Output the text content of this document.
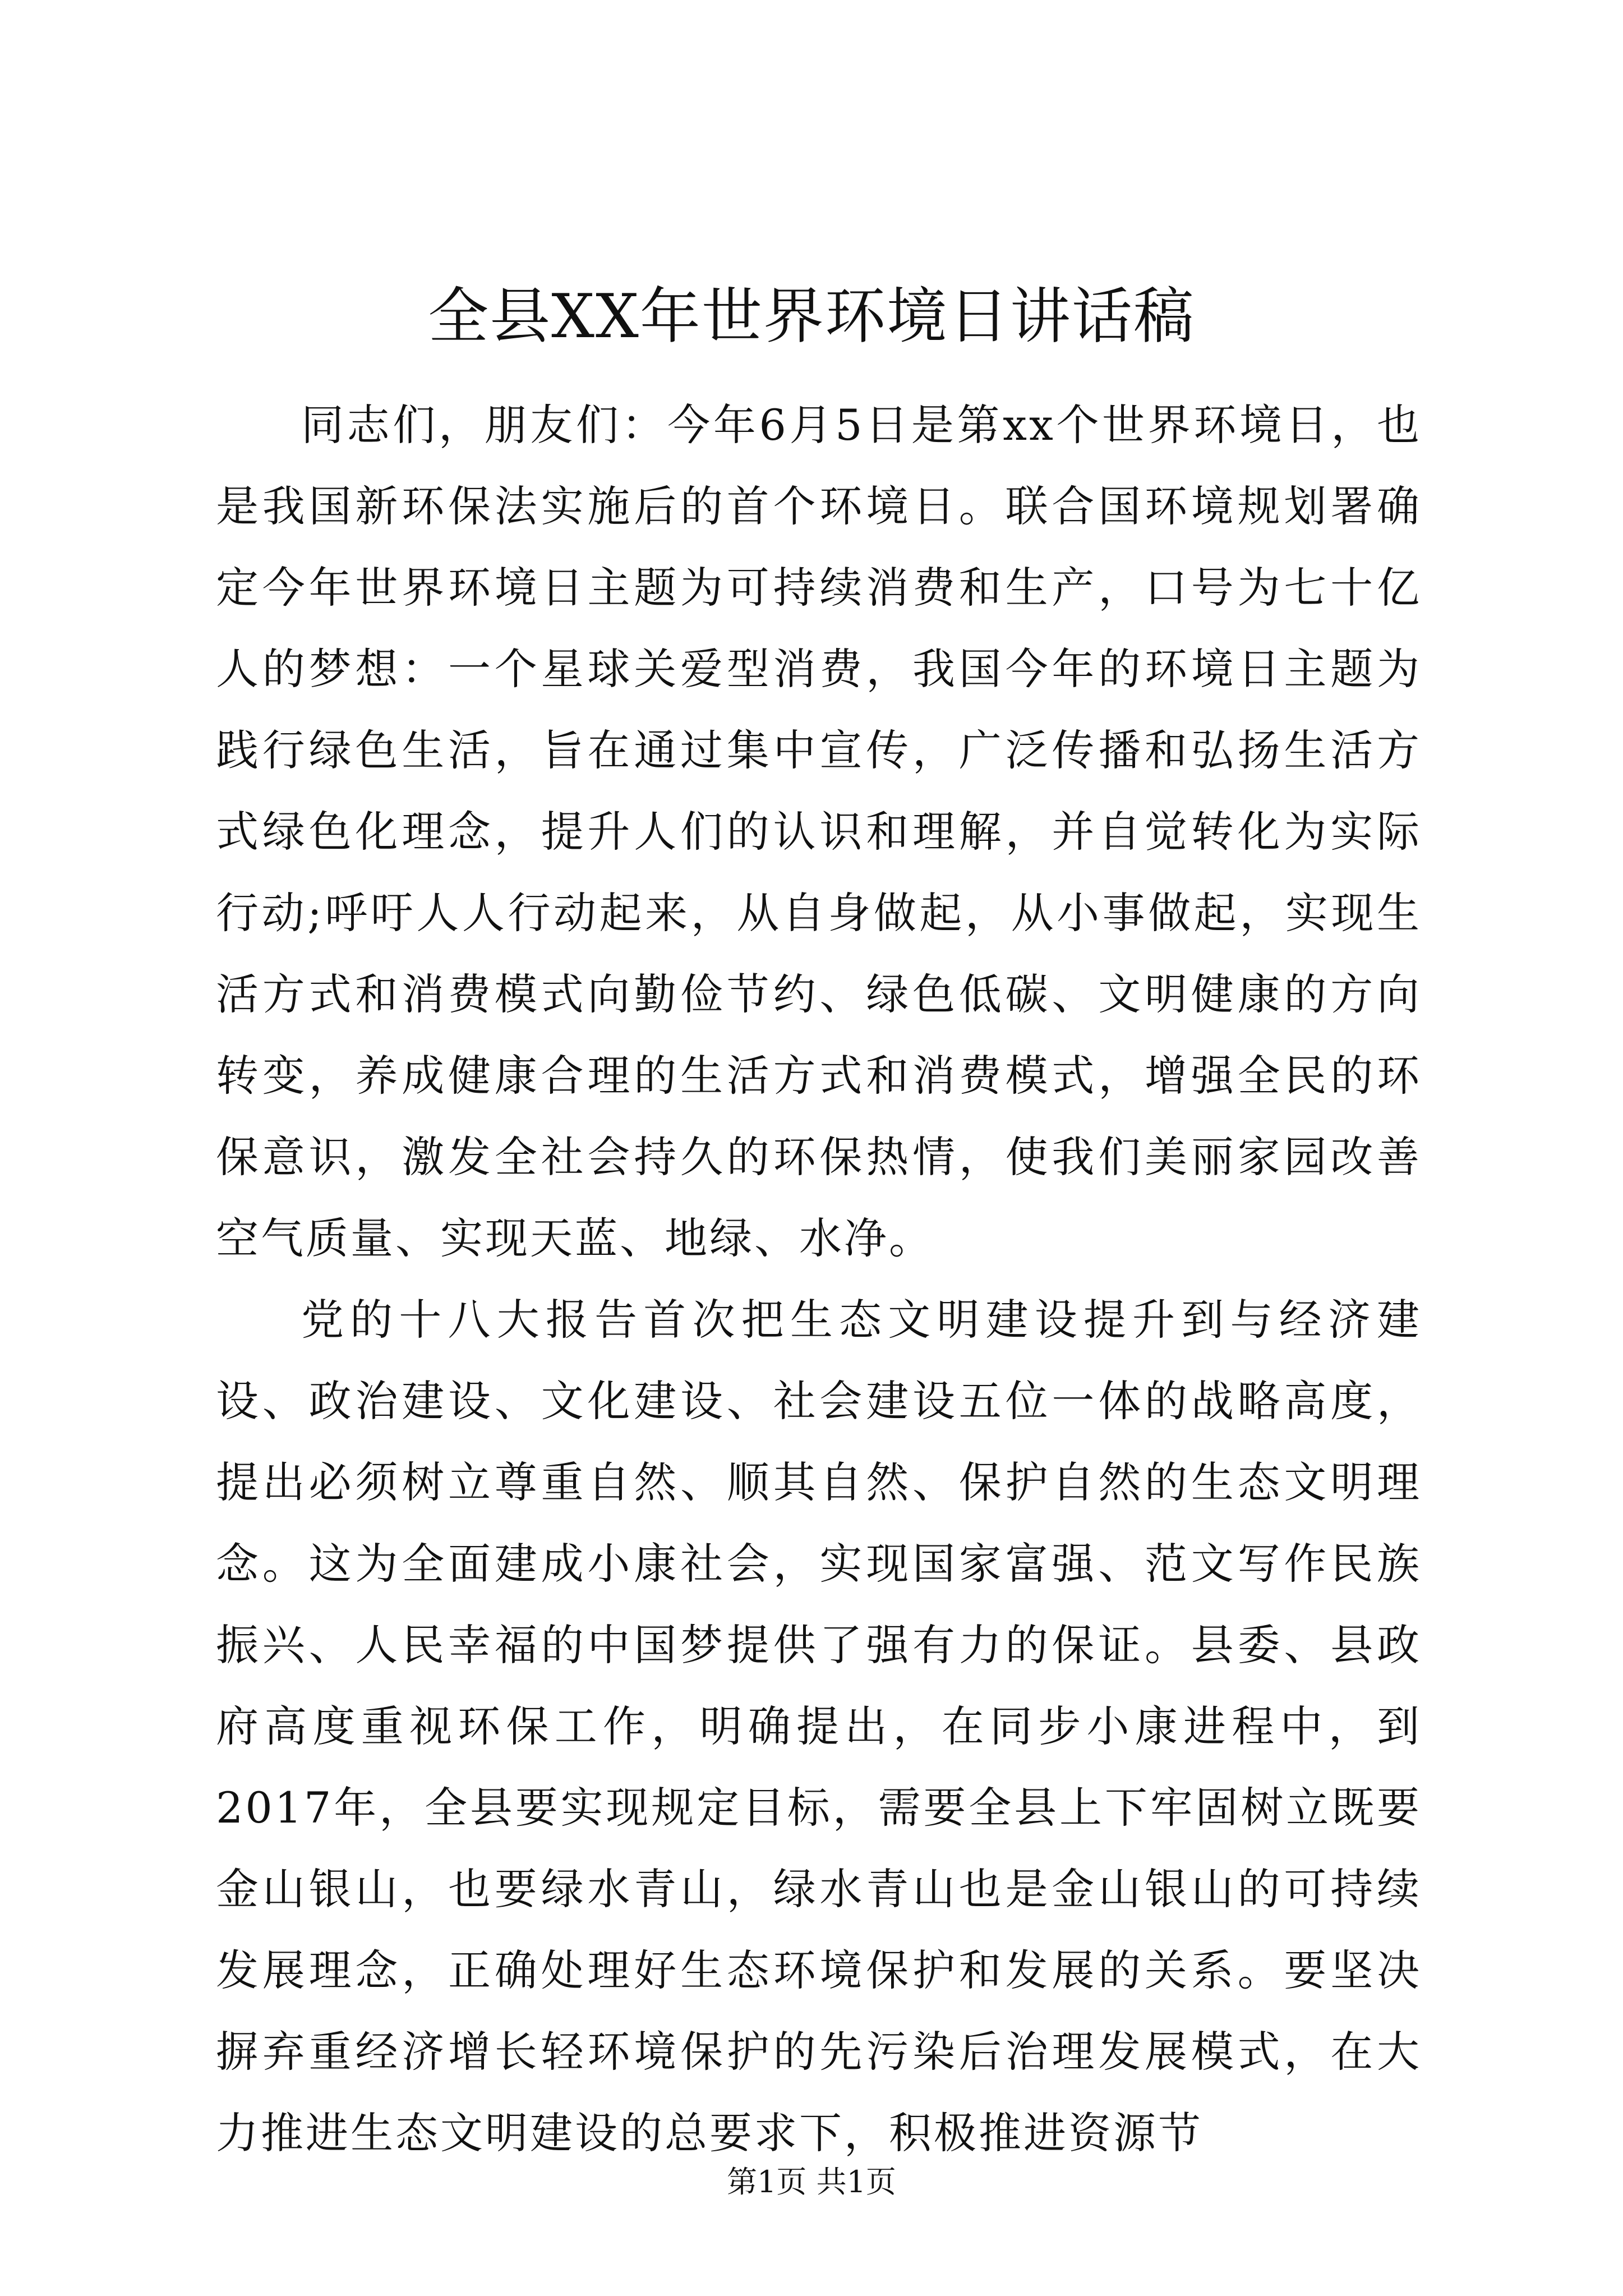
全县XX年世界环境日讲话稿

同志们，朋友们：今年6月5日是第xx个世界环境日，也是我国新环保法实施后的首个环境日。联合国环境规划署确定今年世界环境日主题为可持续消费和生产，口号为七十亿人的梦想：一个星球关爱型消费，我国今年的环境日主题为践行绿色生活，旨在通过集中宣传，广泛传播和弘扬生活方式绿色化理念，提升人们的认识和理解，并自觉转化为实际行动;呼吁人人行动起来，从自身做起，从小事做起，实现生活方式和消费模式向勤俭节约、绿色低碳、文明健康的方向转变，养成健康合理的生活方式和消费模式，增强全民的环保意识，激发全社会持久的环保热情，使我们美丽家园改善空气质量、实现天蓝、地绿、水净。

党的十八大报告首次把生态文明建设提升到与经济建设、政治建设、文化建设、社会建设五位一体的战略高度，提出必须树立尊重自然、顺其自然、保护自然的生态文明理念。这为全面建成小康社会，实现国家富强、范文写作民族振兴、人民幸福的中国梦提供了强有力的保证。县委、县政府高度重视环保工作，明确提出，在同步小康进程中，到2017年，全县要实现规定目标，需要全县上下牢固树立既要金山银山，也要绿水青山，绿水青山也是金山银山的可持续发展理念，正确处理好生态环境保护和发展的关系。要坚决摒弃重经济增长轻环境保护的先污染后治理发展模式，在大力推进生态文明建设的总要求下，积极推进资源节

第1页 共1页
